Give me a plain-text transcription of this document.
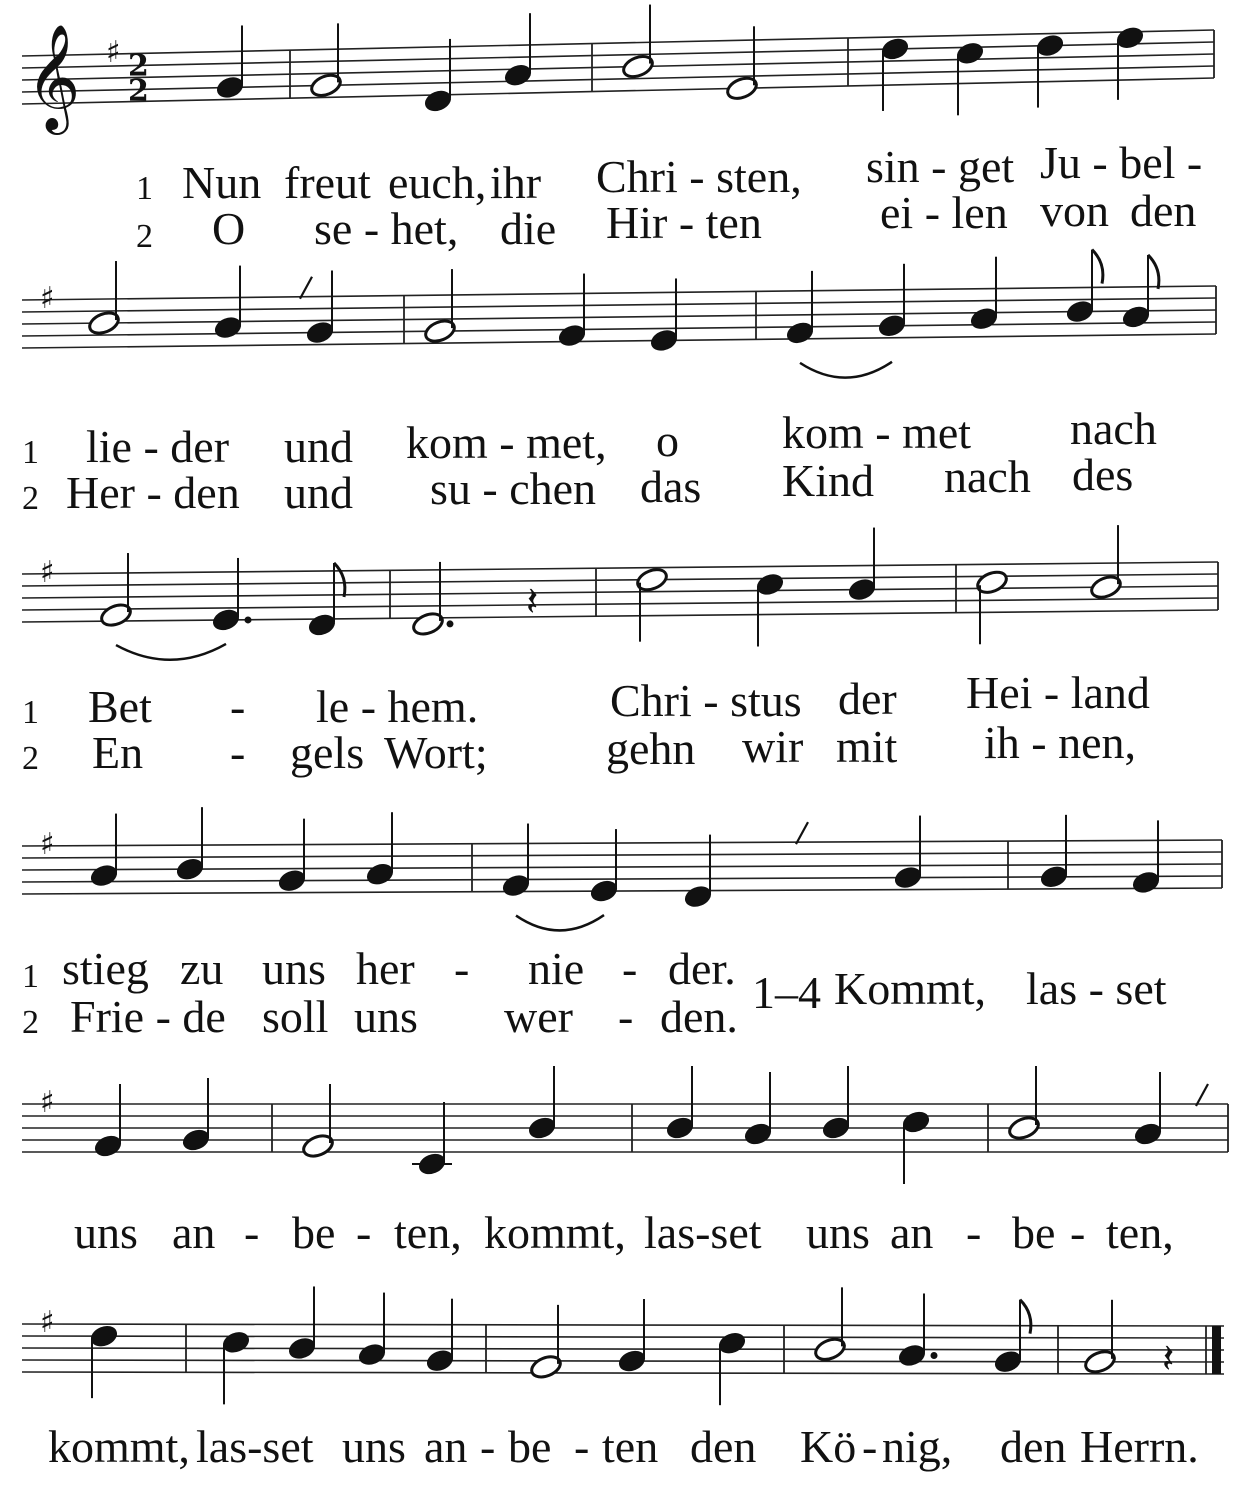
♯
♯
♯
♯
♯
♯
𝄞 2
2
𝄽
𝄽
1 Nun freut euch, ihr Chri - sten, sin - get Ju - bel -
2 O se - het, die Hir - ten	ei - len von den
1 lie - der und kom - met, o kom - met nach
2 Her - den und su - chen das Kind nach des
1 Bet - le - hem.	Chri - stus der Hei - land
2 En - gels Wort;	gehn wir mit ih - nen,
1 stieg zu uns her - nie - der.
2 Frie - de soll uns wer - den. 1–4 Kommt, las - set
uns an - be - ten, kommt, las-set uns an - be - ten,
kommt, las-set uns an - be - ten den Kö - nig, den Herrn.
